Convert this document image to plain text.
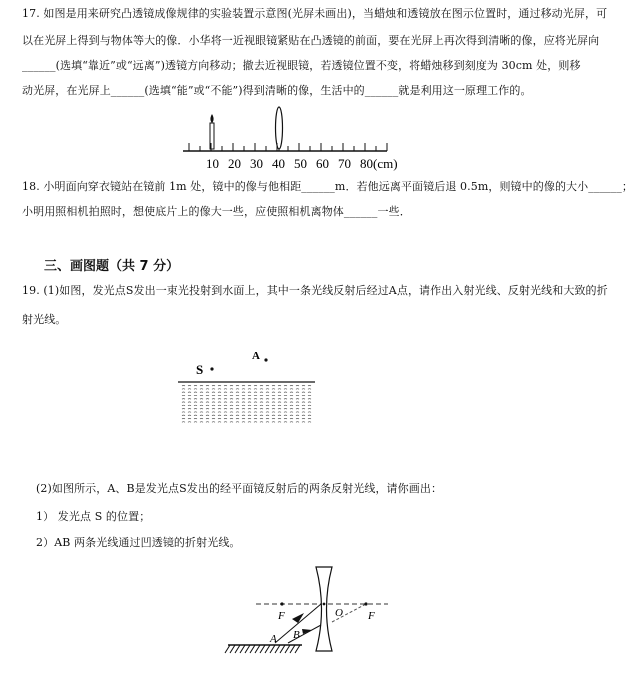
17. 如图是用来研究凸透镜成像规律的实验装置示意图(光屏未画出)，当蜡烛和透镜放在图示位置时，通过移动光屏，可
以在光屏上得到与物体等大的像．小华将一近视眼镜紧贴在凸透镜的前面，要在光屏上再次得到清晰的像，应将光屏向
______(选填“靠近”或“远离”)透镜方向移动；撤去近视眼镜，若透镜位置不变，将蜡烛移到刻度为 30cm 处，则移
动光屏，在光屏上______(选填“能”或“不能”)得到清晰的像，生活中的______就是利用这一原理工作的。
10 20 30 40 50 60 70 80(cm)
18. 小明面向穿衣镜站在镜前 1m 处，镜中的像与他相距______m．若他远离平面镜后退 0.5m，则镜中的像的大小______；
小明用照相机拍照时，想使底片上的像大一些，应使照相机离物体______一些．
三、画图题（共 7 分）
19. (1)如图，发光点S发出一束光投射到水面上，其中一条光线反射后经过A点，请作出入射光线、反射光线和大致的折
射光线。
S
A
(2)如图所示，A、B是发光点S发出的经平面镜反射后的两条反射光线，请你画出：
1） 发光点 S 的位置；
2）AB 两条光线通过凹透镜的折射光线。
F	F
O
A B
